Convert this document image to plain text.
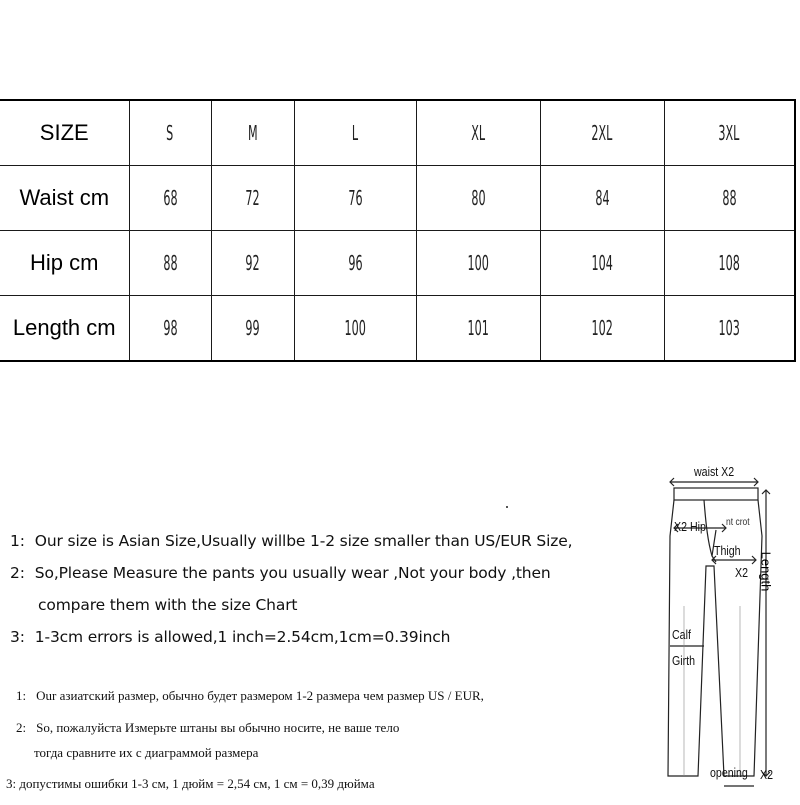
SIZE	S	M	L	XL	2XL	3XL
Waist cm	68	72	76	80	84	88
Hip cm	88	92	96	100	104	108
Length cm	98	99	100	101	102	103
1: Our size is Asian Size,Usually willbe 1-2 size smaller than US/EUR Size,
2: So,Please Measure the pants you usually wear ,Not your body ,then
compare them with the size Chart
3: 1-3cm errors is allowed,1 inch=2.54cm,1cm=0.39inch
1: Our азиатский размер, обычно будет размером 1-2 размера чем размер US / EUR,
2: So, пожалуйста Измерьте штаны вы обычно носите, не ваше тело
тогда сравните их с диаграммой размера
3: допустимы ошибки 1-3 см, 1 дюйм = 2,54 см, 1 см = 0,39 дюйма
waist X2
X2 Hip nt crot
Thigh
X2 Length
Calf
Girth
opening X2
